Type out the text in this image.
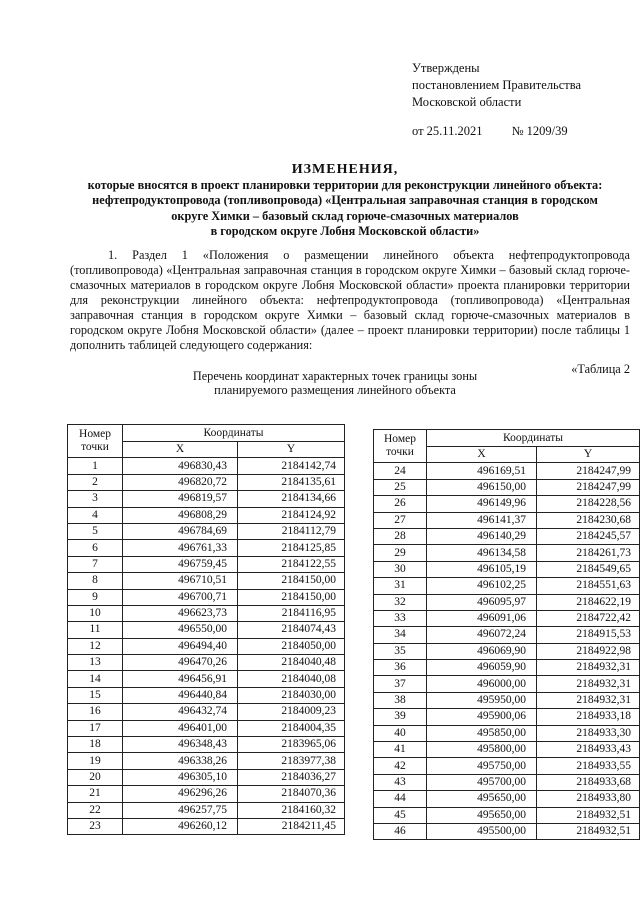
Утверждены
постановлением Правительства
Московской области
от 25.11.2021 № 1209/39
ИЗМЕНЕНИЯ,
которые вносятся в проект планировки территории для реконструкции линейного объекта:
нефтепродуктопровода (топливопровода) «Центральная заправочная станция в городском
округе Химки – базовый склад горюче-смазочных материалов
в городском округе Лобня Московской области»
1. Раздел 1 «Положения о размещении линейного объекта нефтепродуктопровода (топливопровода) «Центральная заправочная станция в городском округе Химки – базовый склад горюче-смазочных материалов в городском округе Лобня Московской области» проекта планировки территории для реконструкции линейного объекта: нефтепродуктопровода (топливопровода) «Центральная заправочная станция в городском округе Химки – базовый склад горюче-смазочных материалов в городском округе Лобня Московской области» (далее – проект планировки территории) после таблицы 1 дополнить таблицей следующего содержания:
«Таблица 2
Перечень координат характерных точек границы зоны
планируемого размещения линейного объекта
Номер точки	Координаты	
	X	Y
1	496830,43	2184142,74
2	496820,72	2184135,61
3	496819,57	2184134,66
4	496808,29	2184124,92
5	496784,69	2184112,79
6	496761,33	2184125,85
7	496759,45	2184122,55
8	496710,51	2184150,00
9	496700,71	2184150,00
10	496623,73	2184116,95
11	496550,00	2184074,43
12	496494,40	2184050,00
13	496470,26	2184040,48
14	496456,91	2184040,08
15	496440,84	2184030,00
16	496432,74	2184009,23
17	496401,00	2184004,35
18	496348,43	2183965,06
19	496338,26	2183977,38
20	496305,10	2184036,27
21	496296,26	2184070,36
22	496257,75	2184160,32
23	496260,12	2184211,45
Номер точки	Координаты	
	X	Y
24	496169,51	2184247,99
25	496150,00	2184247,99
26	496149,96	2184228,56
27	496141,37	2184230,68
28	496140,29	2184245,57
29	496134,58	2184261,73
30	496105,19	2184549,65
31	496102,25	2184551,63
32	496095,97	2184622,19
33	496091,06	2184722,42
34	496072,24	2184915,53
35	496069,90	2184922,98
36	496059,90	2184932,31
37	496000,00	2184932,31
38	495950,00	2184932,31
39	495900,06	2184933,18
40	495850,00	2184933,30
41	495800,00	2184933,43
42	495750,00	2184933,55
43	495700,00	2184933,68
44	495650,00	2184933,80
45	495650,00	2184932,51
46	495500,00	2184932,51
